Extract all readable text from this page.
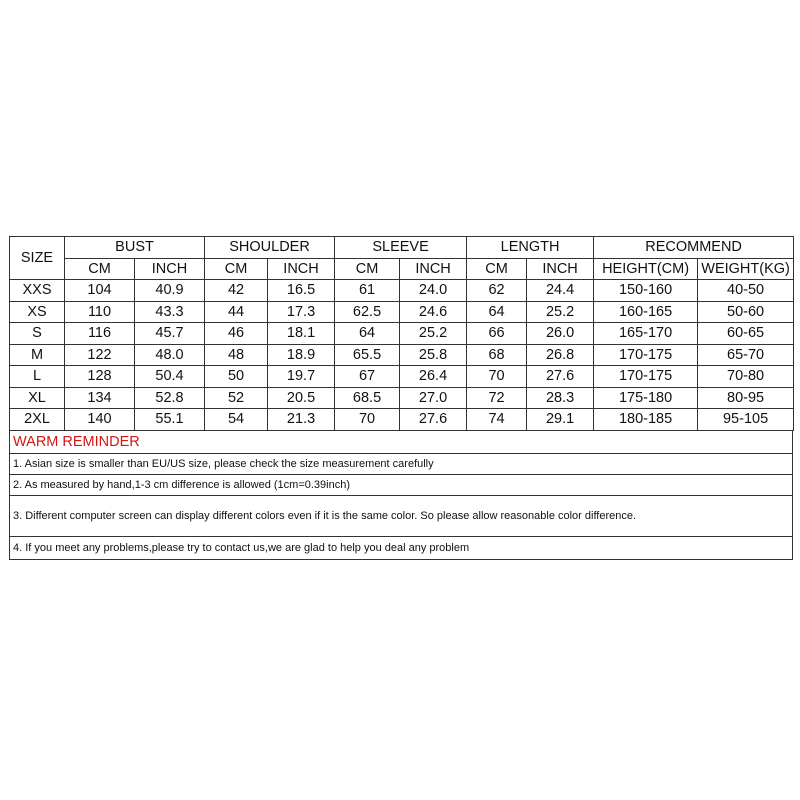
SIZE	BUST		SHOULDER		SLEEVE		LENGTH		RECOMMEND	
	CM	INCH	CM	INCH	CM	INCH	CM	INCH	HEIGHT(CM)	WEIGHT(KG)
XXS	104	40.9	42	16.5	61	24.0	62	24.4	150-160	40-50
XS	110	43.3	44	17.3	62.5	24.6	64	25.2	160-165	50-60
S	116	45.7	46	18.1	64	25.2	66	26.0	165-170	60-65
M	122	48.0	48	18.9	65.5	25.8	68	26.8	170-175	65-70
L	128	50.4	50	19.7	67	26.4	70	27.6	170-175	70-80
XL	134	52.8	52	20.5	68.5	27.0	72	28.3	175-180	80-95
2XL	140	55.1	54	21.3	70	27.6	74	29.1	180-185	95-105
WARM REMINDER
1. Asian size is smaller than EU/US size, please check the size measurement carefully
2. As measured by hand,1-3 cm difference is allowed (1cm=0.39inch)
3. Different computer screen can display different colors even if it is the same color. So please allow reasonable color difference.
4. If you meet any problems,please try to contact us,we are glad to help you deal any problem
